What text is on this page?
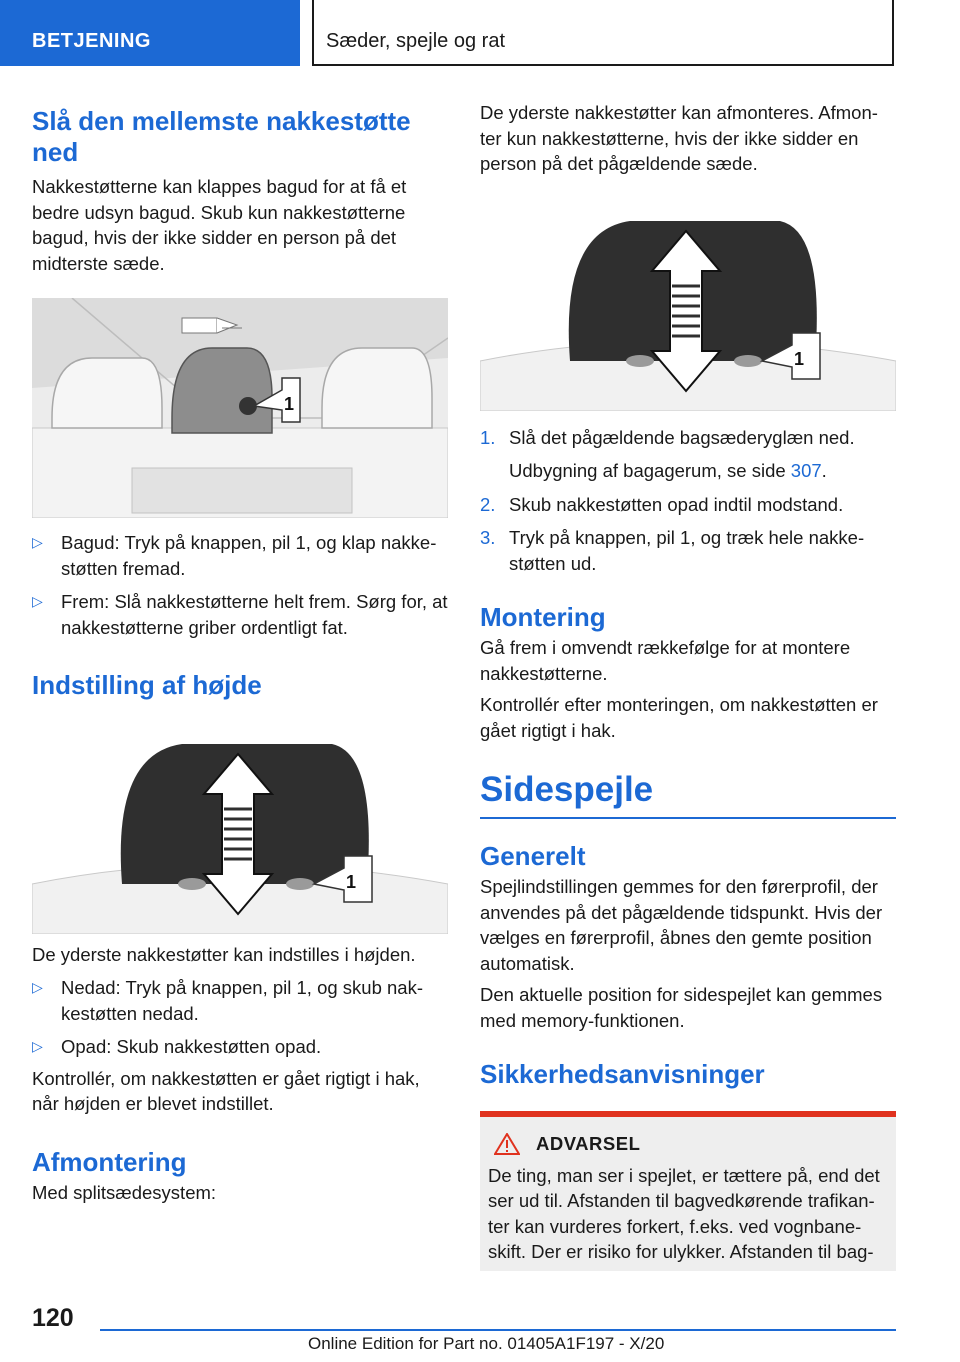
BETJENING	Sæder, spejle og rat
Slå den mellemste nakkestøtte ned

Nakkestøtterne kan klappes bagud for at få et bedre udsyn bagud. Skub kun nakkestøtterne bagud, hvis der ikke sidder en person på det midterste sæde.

1
▷ Bagud: Tryk på knappen, pil 1, og klap nakke-støtten fremad.
▷ Frem: Slå nakkestøtterne helt frem. Sørg for, at nakkestøtterne griber ordentligt fat.
Indstilling af højde
1

De yderste nakkestøtter kan indstilles i højden.

▷ Nedad: Tryk på knappen, pil 1, og skub nak-kestøtten nedad.
▷ Opad: Skub nakkestøtten opad.

Kontrollér, om nakkestøtten er gået rigtigt i hak, når højden er blevet indstillet.

Afmontering

Med splitsædesystem:

De yderste nakkestøtter kan afmonteres. Afmon-ter kun nakkestøtterne, hvis der ikke sidder en person på det pågældende sæde.

1
1. Slå det pågældende bagsæderyglæn ned.
Udbygning af bagagerum, se side 307.
2. Skub nakkestøtten opad indtil modstand.
3. Tryk på knappen, pil 1, og træk hele nakke-støtten ud.
Montering

Gå frem i omvendt rækkefølge for at montere nakkestøtterne.

Kontrollér efter monteringen, om nakkestøtten er gået rigtigt i hak.

Sidespejle
Generelt

Spejlindstillingen gemmes for den førerprofil, der anvendes på det pågældende tidspunkt. Hvis der vælges en førerprofil, åbnes den gemte position automatisk.

Den aktuelle position for sidespejlet kan gemmes med memory-funktionen.

Sikkerhedsanvisninger
ADVARSEL

De ting, man ser i spejlet, er tættere på, end det ser ud til. Afstanden til bagvedkørende trafikan-ter kan vurderes forkert, f.eks. ved vognbane-skift. Der er risiko for ulykker. Afstanden til bag-

120
Online Edition for Part no. 01405A1F197 - X/20
